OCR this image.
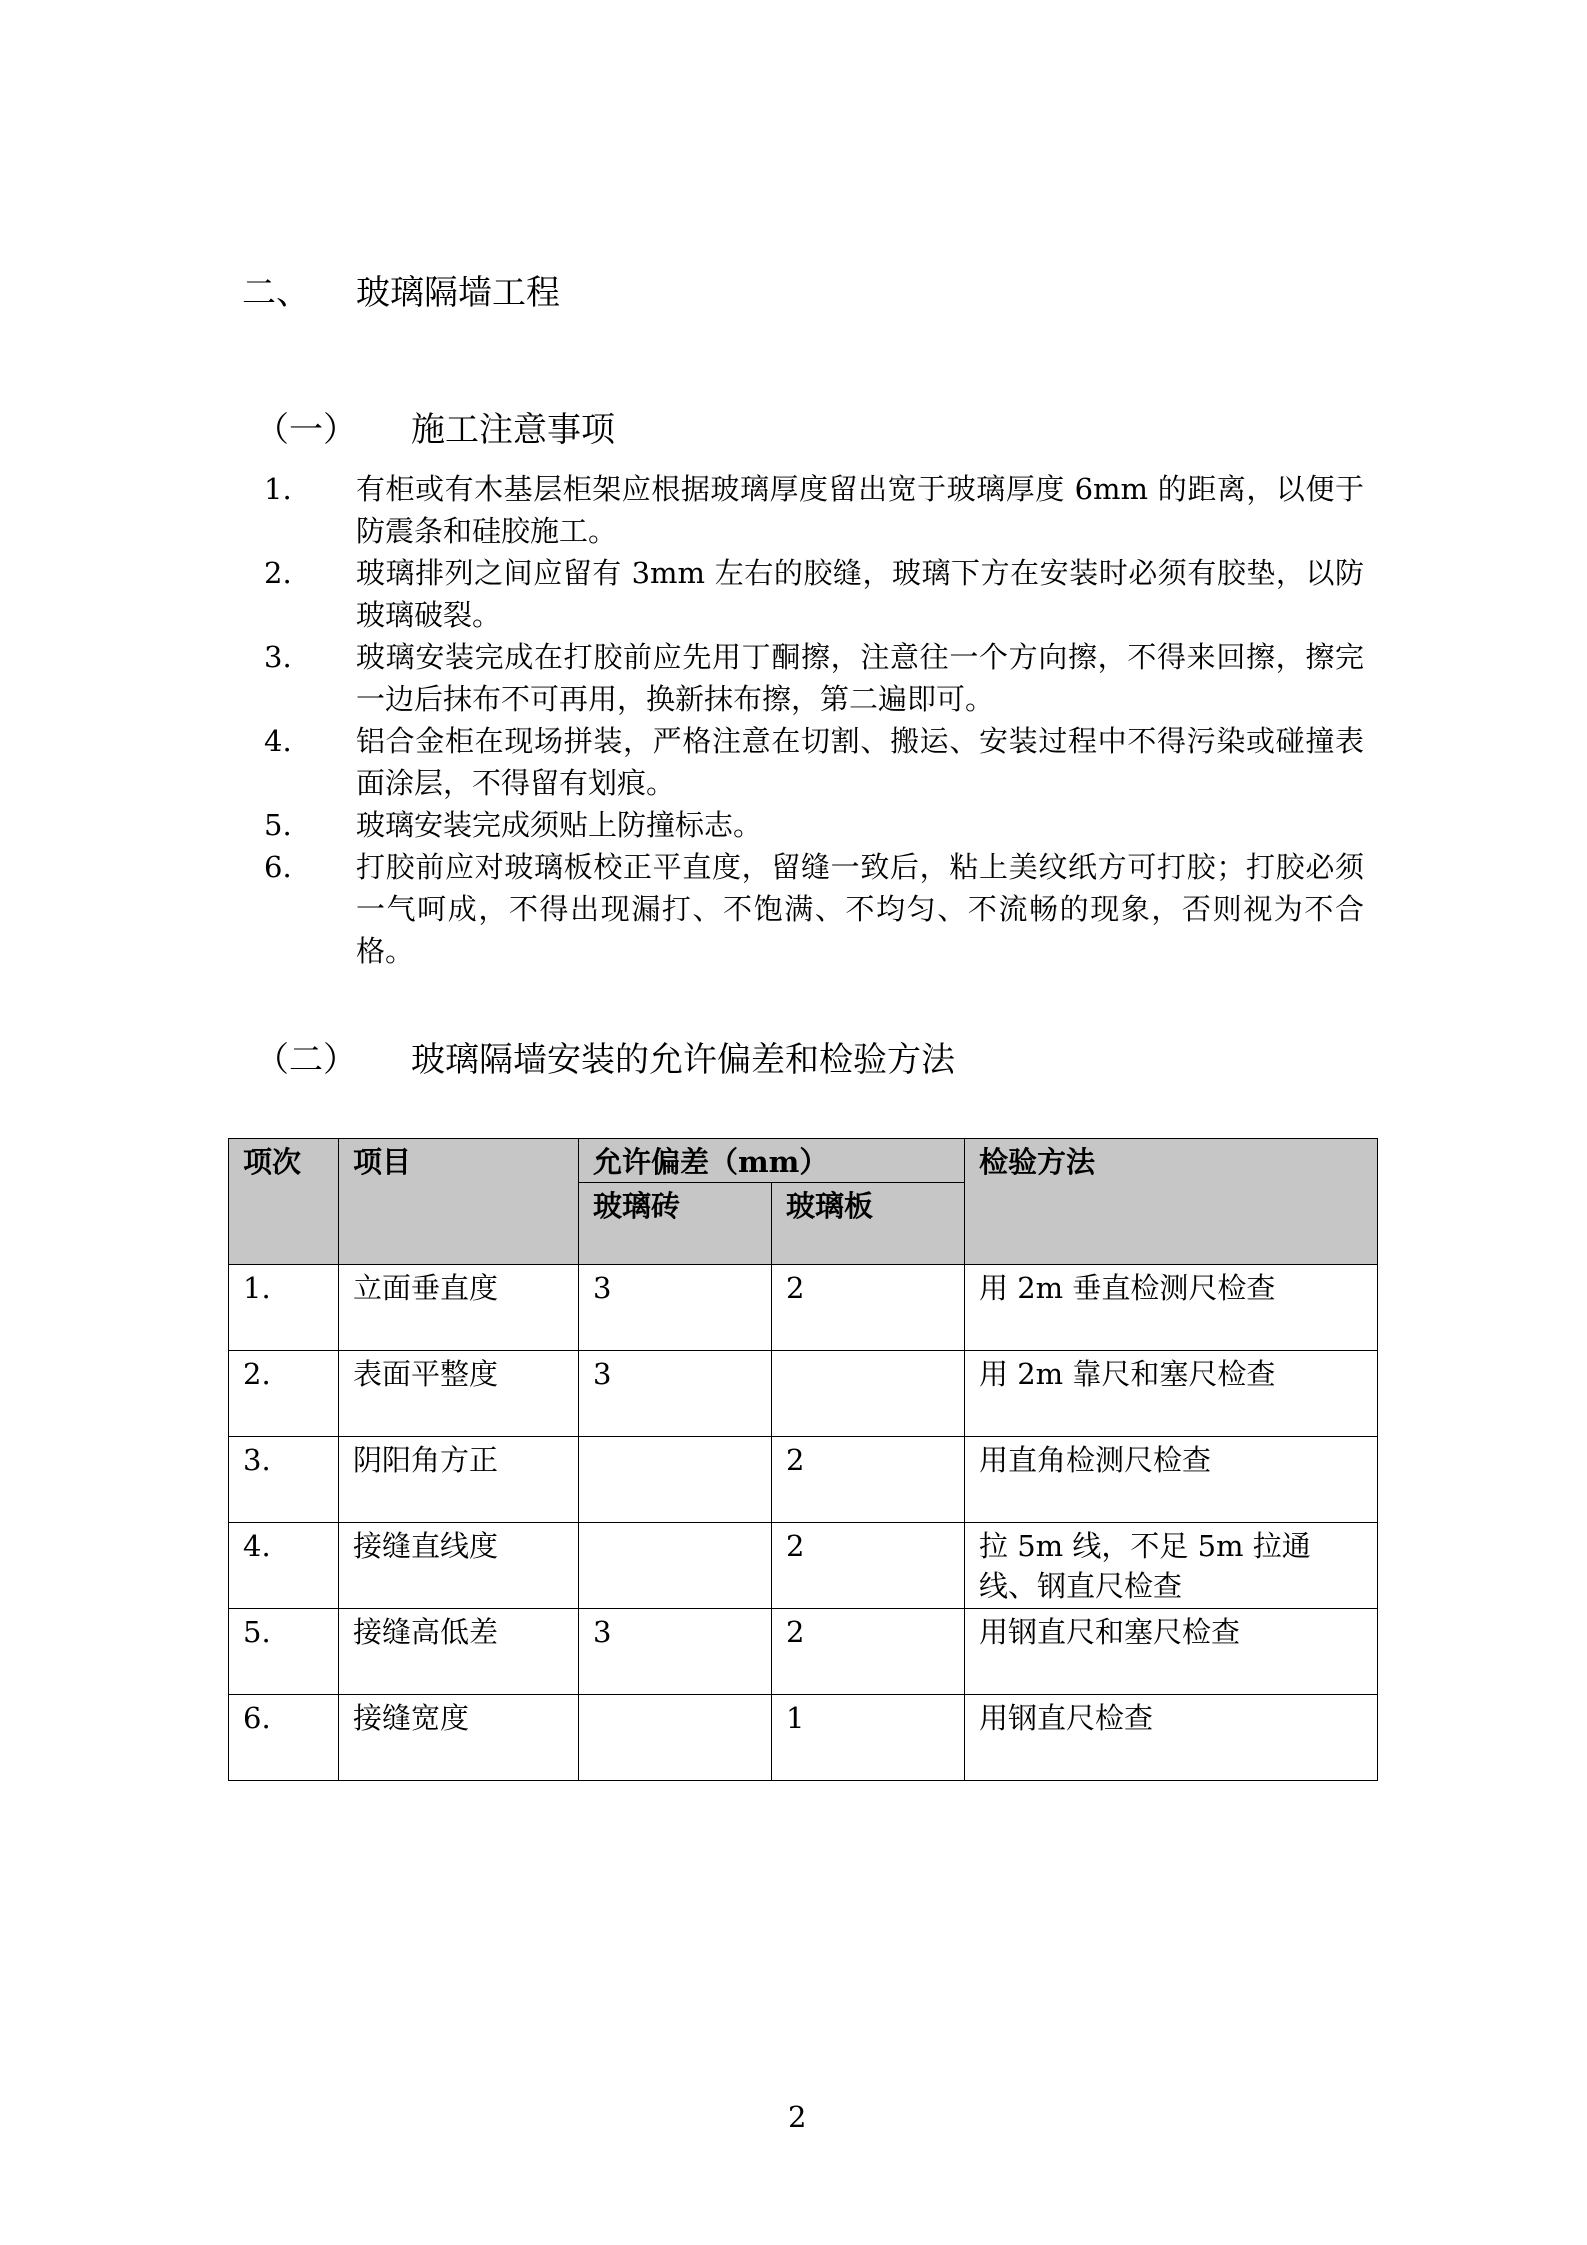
二、 玻璃隔墙工程
（一） 施工注意事项
1. 有柜或有木基层柜架应根据玻璃厚度留出宽于玻璃厚度 6mm 的距离，以便于防震条和硅胶施工。
2. 玻璃排列之间应留有 3mm 左右的胶缝，玻璃下方在安装时必须有胶垫，以防玻璃破裂。
3. 玻璃安装完成在打胶前应先用丁酮擦，注意往一个方向擦，不得来回擦，擦完一边后抹布不可再用，换新抹布擦，第二遍即可。
4. 铝合金柜在现场拼装，严格注意在切割、搬运、安装过程中不得污染或碰撞表面涂层，不得留有划痕。
5. 玻璃安装完成须贴上防撞标志。
6. 打胶前应对玻璃板校正平直度，留缝一致后，粘上美纹纸方可打胶；打胶必须一气呵成，不得出现漏打、不饱满、不均匀、不流畅的现象，否则视为不合格。
（二） 玻璃隔墙安装的允许偏差和检验方法
项次	项目	允许偏差（mm）		检验方法
		玻璃砖	玻璃板	
1.	立面垂直度	3	2	用 2m 垂直检测尺检查
2.	表面平整度	3		用 2m 靠尺和塞尺检查
3.	阴阳角方正		2	用直角检测尺检查
4.	接缝直线度		2	拉 5m 线，不足 5m 拉通线、钢直尺检查
5.	接缝高低差	3	2	用钢直尺和塞尺检查
6.	接缝宽度		1	用钢直尺检查
2
